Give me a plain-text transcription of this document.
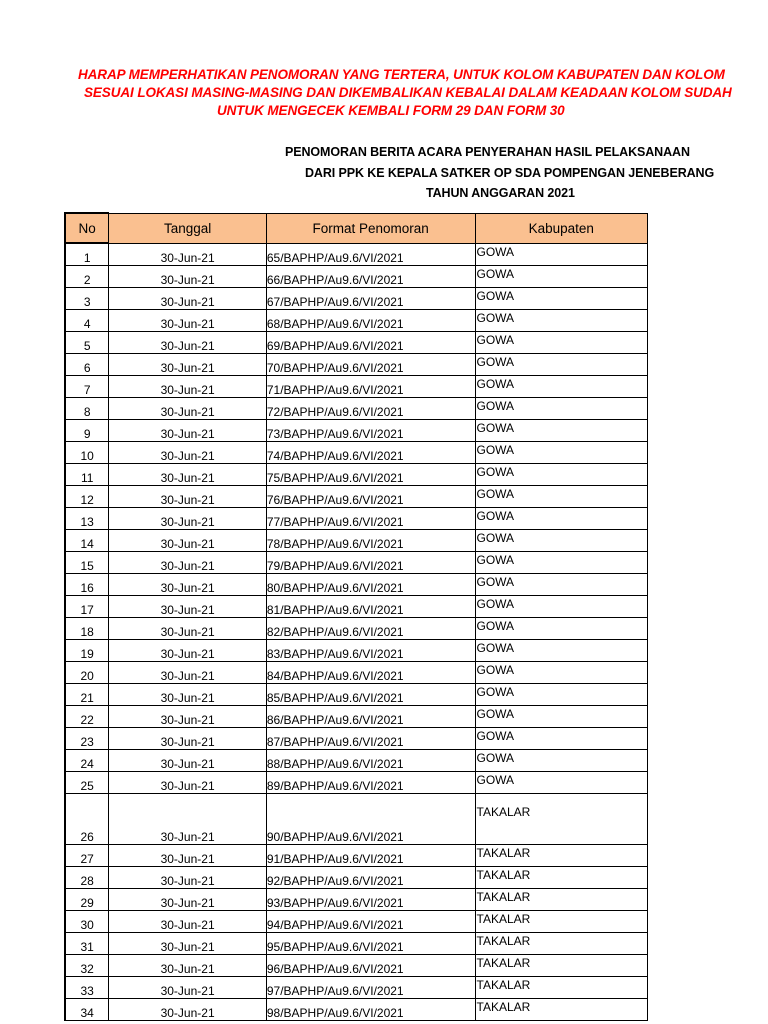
HARAP MEMPERHATIKAN PENOMORAN YANG TERTERA, UNTUK KOLOM KABUPATEN DAN KOLOM
SESUAI LOKASI MASING-MASING DAN DIKEMBALIKAN KEBALAI DALAM KEADAAN KOLOM SUDAH
UNTUK MENGECEK KEMBALI FORM 29 DAN FORM 30
PENOMORAN BERITA ACARA PENYERAHAN HASIL PELAKSANAAN
DARI PPK KE KEPALA SATKER OP SDA POMPENGAN JENEBERANG
TAHUN ANGGARAN 2021
No	Tanggal	Format Penomoran	Kabupaten
1	30-Jun-21	65/BAPHP/Au9.6/VI/2021	GOWA
2	30-Jun-21	66/BAPHP/Au9.6/VI/2021	GOWA
3	30-Jun-21	67/BAPHP/Au9.6/VI/2021	GOWA
4	30-Jun-21	68/BAPHP/Au9.6/VI/2021	GOWA
5	30-Jun-21	69/BAPHP/Au9.6/VI/2021	GOWA
6	30-Jun-21	70/BAPHP/Au9.6/VI/2021	GOWA
7	30-Jun-21	71/BAPHP/Au9.6/VI/2021	GOWA
8	30-Jun-21	72/BAPHP/Au9.6/VI/2021	GOWA
9	30-Jun-21	73/BAPHP/Au9.6/VI/2021	GOWA
10	30-Jun-21	74/BAPHP/Au9.6/VI/2021	GOWA
11	30-Jun-21	75/BAPHP/Au9.6/VI/2021	GOWA
12	30-Jun-21	76/BAPHP/Au9.6/VI/2021	GOWA
13	30-Jun-21	77/BAPHP/Au9.6/VI/2021	GOWA
14	30-Jun-21	78/BAPHP/Au9.6/VI/2021	GOWA
15	30-Jun-21	79/BAPHP/Au9.6/VI/2021	GOWA
16	30-Jun-21	80/BAPHP/Au9.6/VI/2021	GOWA
17	30-Jun-21	81/BAPHP/Au9.6/VI/2021	GOWA
18	30-Jun-21	82/BAPHP/Au9.6/VI/2021	GOWA
19	30-Jun-21	83/BAPHP/Au9.6/VI/2021	GOWA
20	30-Jun-21	84/BAPHP/Au9.6/VI/2021	GOWA
21	30-Jun-21	85/BAPHP/Au9.6/VI/2021	GOWA
22	30-Jun-21	86/BAPHP/Au9.6/VI/2021	GOWA
23	30-Jun-21	87/BAPHP/Au9.6/VI/2021	GOWA
24	30-Jun-21	88/BAPHP/Au9.6/VI/2021	GOWA
25	30-Jun-21	89/BAPHP/Au9.6/VI/2021	GOWA
26	30-Jun-21	90/BAPHP/Au9.6/VI/2021	TAKALAR
27	30-Jun-21	91/BAPHP/Au9.6/VI/2021	TAKALAR
28	30-Jun-21	92/BAPHP/Au9.6/VI/2021	TAKALAR
29	30-Jun-21	93/BAPHP/Au9.6/VI/2021	TAKALAR
30	30-Jun-21	94/BAPHP/Au9.6/VI/2021	TAKALAR
31	30-Jun-21	95/BAPHP/Au9.6/VI/2021	TAKALAR
32	30-Jun-21	96/BAPHP/Au9.6/VI/2021	TAKALAR
33	30-Jun-21	97/BAPHP/Au9.6/VI/2021	TAKALAR
34	30-Jun-21	98/BAPHP/Au9.6/VI/2021	TAKALAR
